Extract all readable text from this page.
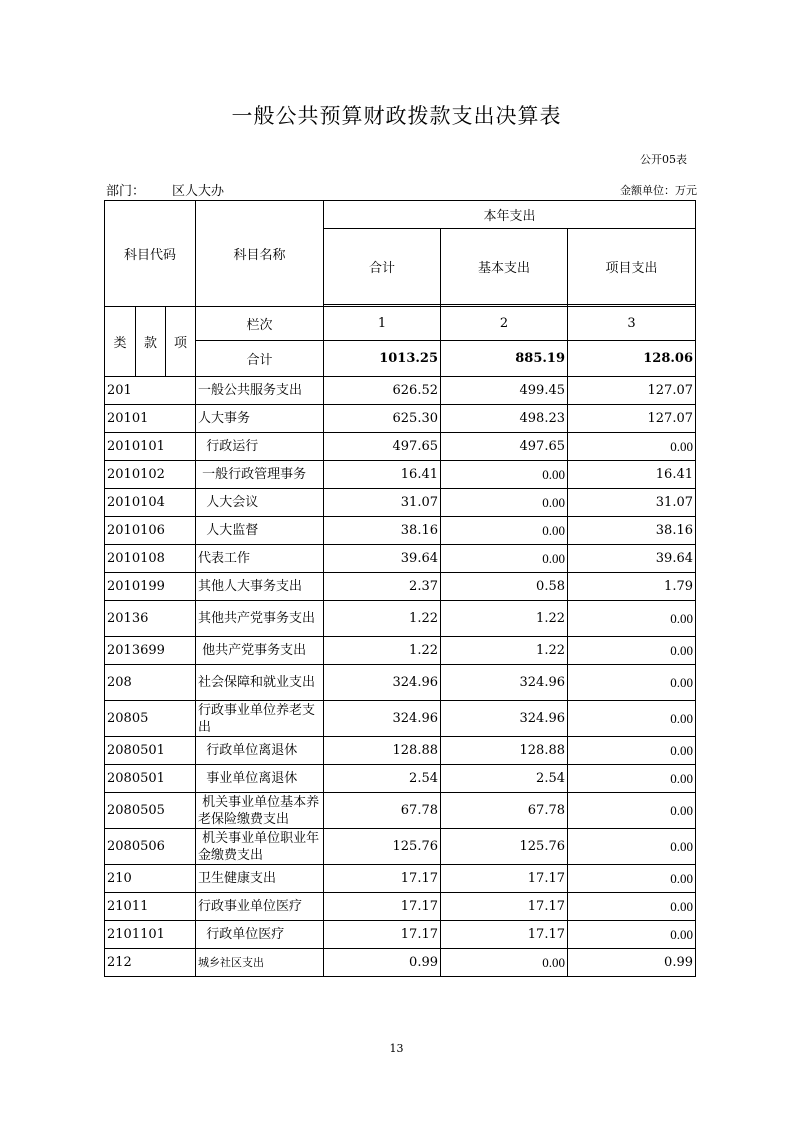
一般公共预算财政拨款支出决算表
公开05表
部门： 区人大办	金额单位：万元
科目代码			科目名称	本年支出		
				合计	基本支出	项目支出

类	款	项	栏次	1	2	3
			合计	1013.25	885.19	128.06
201			一般公共服务支出	626.52	499.45	127.07
20101			人大事务	625.30	498.23	127.07
2010101			行政运行	497.65	497.65	0.00
2010102			一般行政管理事务	16.41	0.00	16.41
2010104			人大会议	31.07	0.00	31.07
2010106			人大监督	38.16	0.00	38.16
2010108			代表工作	39.64	0.00	39.64
2010199			其他人大事务支出	2.37	0.58	1.79
20136			其他共产党事务支出	1.22	1.22	0.00
2013699			他共产党事务支出	1.22	1.22	0.00
208			社会保障和就业支出	324.96	324.96	0.00
20805			行政事业单位养老支出	324.96	324.96	0.00
2080501			行政单位离退休	128.88	128.88	0.00
2080501			事业单位离退休	2.54	2.54	0.00
2080505			机关事业单位基本养老保险缴费支出	67.78	67.78	0.00
2080506			机关事业单位职业年金缴费支出	125.76	125.76	0.00
210			卫生健康支出	17.17	17.17	0.00
21011			行政事业单位医疗	17.17	17.17	0.00
2101101			行政单位医疗	17.17	17.17	0.00
212			城乡社区支出	0.99	0.00	0.99
13
